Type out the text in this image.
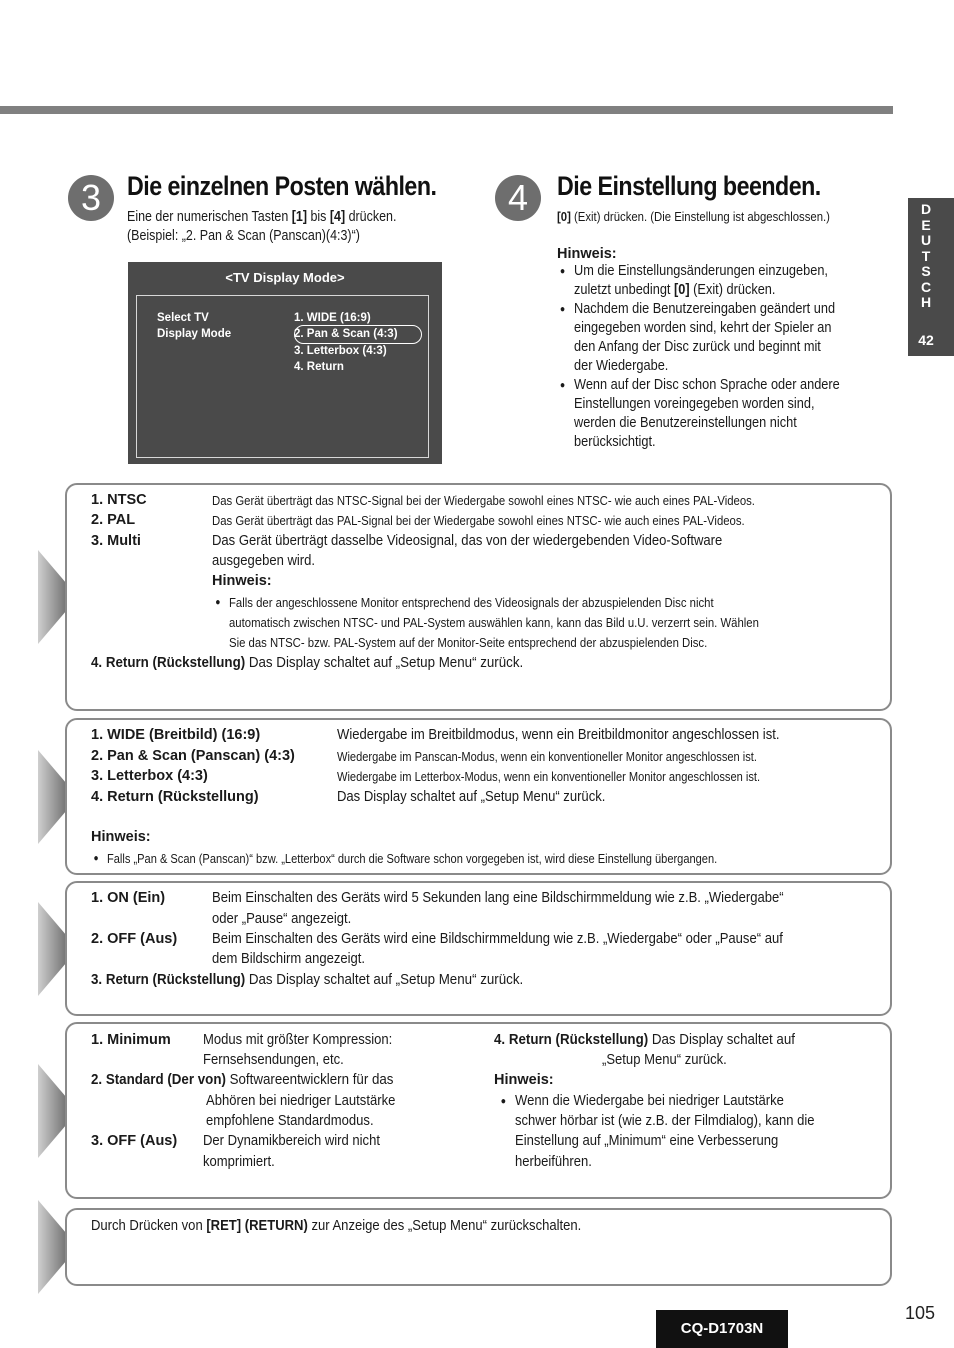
3 Die einzelnen Posten wählen.
Eine der numerischen Tasten [1] bis [4] drücken.
(Beispiel: „2. Pan & Scan (Panscan)(4:3)“)
<TV Display Mode>
Select TV
Display Mode
1. WIDE (16:9)
2. Pan & Scan (4:3)
3. Letterbox (4:3)
4. Return
4	Die Einstellung beenden.
[0] (Exit) drücken. (Die Einstellung ist abgeschlossen.)
Hinweis:
● Um die Einstellungsänderungen einzugeben,
zuletzt unbedingt [0] (Exit) drücken.
● Nachdem die Benutzereingaben geändert und
eingegeben worden sind, kehrt der Spieler an
den Anfang der Disc zurück und beginnt mit
der Wiedergabe.
● Wenn auf der Disc schon Sprache oder andere
Einstellungen voreingegeben worden sind,
werden die Benutzereinstellungen nicht
berücksichtigt.
D
E
U
T
S
C
H
42
1. NTSC	Das Gerät überträgt das NTSC-Signal bei der Wiedergabe sowohl eines NTSC- wie auch eines PAL-Videos.
2. PAL	Das Gerät überträgt das PAL-Signal bei der Wiedergabe sowohl eines NTSC- wie auch eines PAL-Videos.
3. Multi	Das Gerät überträgt dasselbe Videosignal, das von der wiedergebenden Video-Software
ausgegeben wird.
Hinweis:
● Falls der angeschlossene Monitor entsprechend des Videosignals der abzuspielenden Disc nicht
automatisch zwischen NTSC- und PAL-System auswählen kann, kann das Bild u.U. verzerrt sein. Wählen
Sie das NTSC- bzw. PAL-System auf der Monitor-Seite entsprechend der abzuspielenden Disc.
4. Return (Rückstellung) Das Display schaltet auf „Setup Menu“ zurück.
1. WIDE (Breitbild) (16:9)	Wiedergabe im Breitbildmodus, wenn ein Breitbildmonitor angeschlossen ist.
2. Pan & Scan (Panscan) (4:3)	Wiedergabe im Panscan-Modus, wenn ein konventioneller Monitor angeschlossen ist.
3. Letterbox (4:3)	Wiedergabe im Letterbox-Modus, wenn ein konventioneller Monitor angeschlossen ist.
4. Return (Rückstellung)	Das Display schaltet auf „Setup Menu“ zurück.
Hinweis:
● Falls „Pan & Scan (Panscan)“ bzw. „Letterbox“ durch die Software schon vorgegeben ist, wird diese Einstellung übergangen.
1. ON (Ein)	Beim Einschalten des Geräts wird 5 Sekunden lang eine Bildschirmmeldung wie z.B. „Wiedergabe“
oder „Pause“ angezeigt.
2. OFF (Aus) Beim Einschalten des Geräts wird eine Bildschirmmeldung wie z.B. „Wiedergabe“ oder „Pause“ auf
dem Bildschirm angezeigt.
3. Return (Rückstellung) Das Display schaltet auf „Setup Menu“ zurück.
1. Minimum Modus mit größter Kompression:
Fernsehsendungen, etc.
2. Standard (Der von) Softwareentwicklern für das
Abhören bei niedriger Lautstärke
empfohlene Standardmodus.
3. OFF (Aus) Der Dynamikbereich wird nicht
komprimiert.
4. Return (Rückstellung) Das Display schaltet auf
„Setup Menu“ zurück.
Hinweis:
● Wenn die Wiedergabe bei niedriger Lautstärke
schwer hörbar ist (wie z.B. der Filmdialog), kann die
Einstellung auf „Minimum“ eine Verbesserung
herbeiführen.
Durch Drücken von [RET] (RETURN) zur Anzeige des „Setup Menu“ zurückschalten.
CQ-D1703N
105
